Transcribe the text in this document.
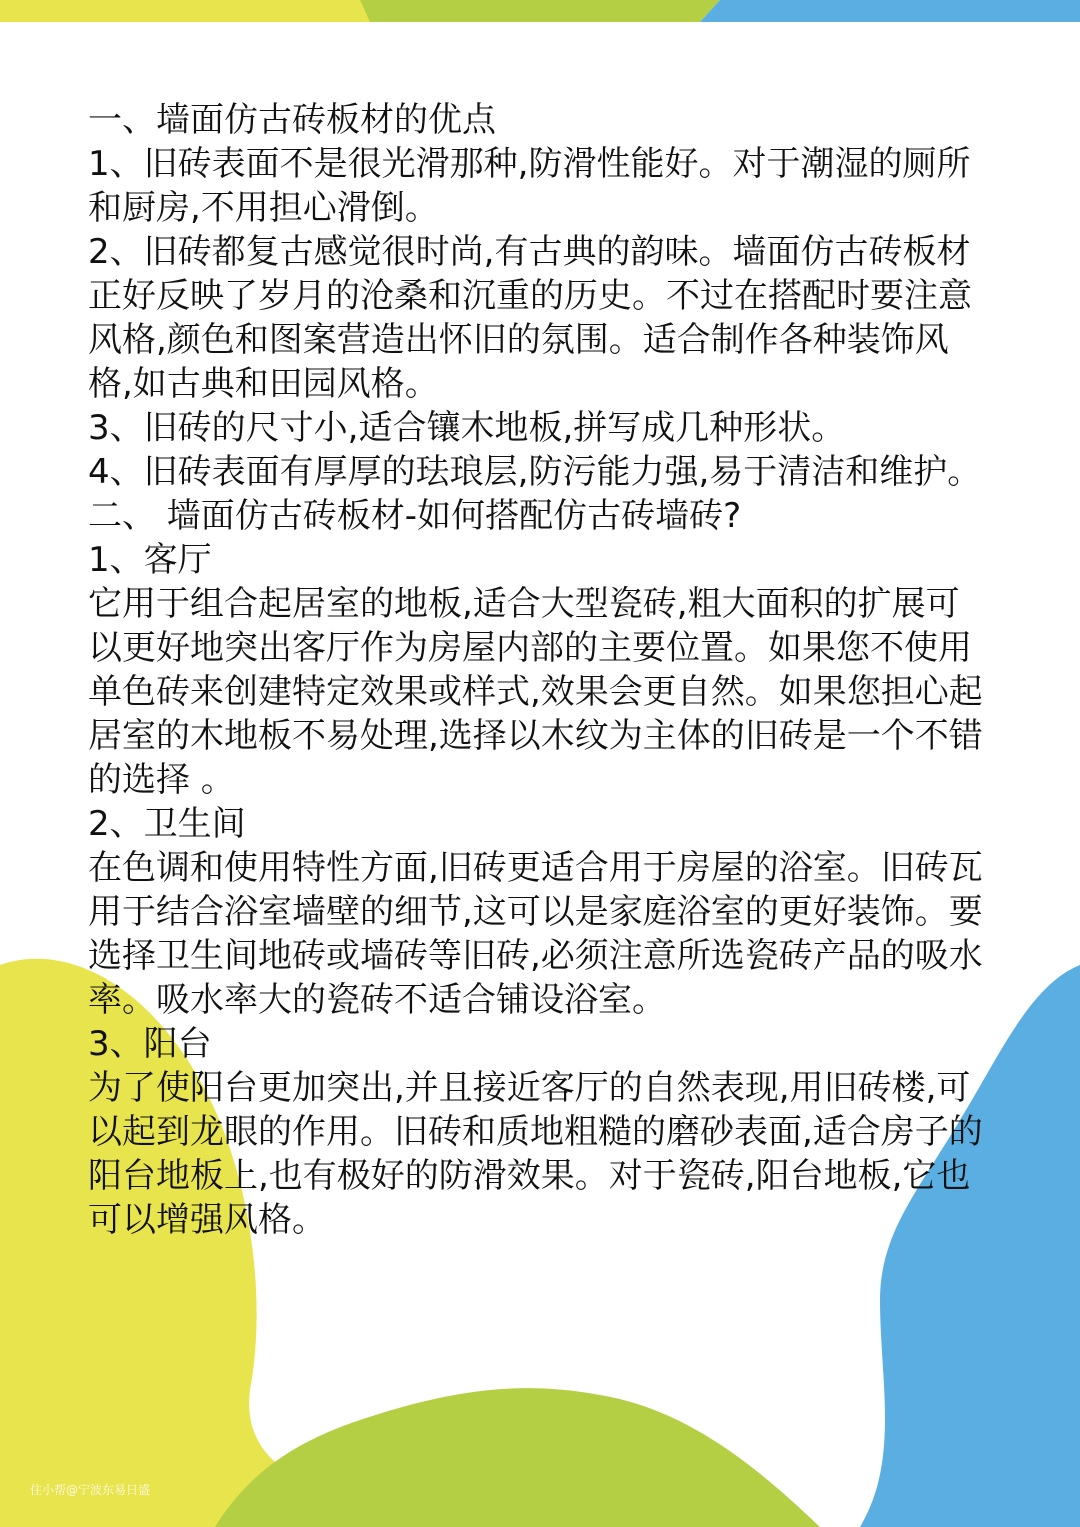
一、墙面仿古砖板材的优点

1、旧砖表面不是很光滑那种,防滑性能好。对于潮湿的厕所和厨房,不用担心滑倒。

2、旧砖都复古感觉很时尚,有古典的韵味。墙面仿古砖板材正好反映了岁月的沧桑和沉重的历史。不过在搭配时要注意风格,颜色和图案营造出怀旧的氛围。适合制作各种装饰风格,如古典和田园风格。

3、旧砖的尺寸小,适合镶木地板,拼写成几种形状。

4、旧砖表面有厚厚的珐琅层,防污能力强,易于清洁和维护。

二、 墙面仿古砖板材-如何搭配仿古砖墙砖?

1、客厅

它用于组合起居室的地板,适合大型瓷砖,粗大面积的扩展可以更好地突出客厅作为房屋内部的主要位置。如果您不使用单色砖来创建特定效果或样式,效果会更自然。如果您担心起居室的木地板不易处理,选择以木纹为主体的旧砖是一个不错的选择 。

2、卫生间

在色调和使用特性方面,旧砖更适合用于房屋的浴室。旧砖瓦用于结合浴室墙壁的细节,这可以是家庭浴室的更好装饰。要选择卫生间地砖或墙砖等旧砖,必须注意所选瓷砖产品的吸水率。吸水率大的瓷砖不适合铺设浴室。

3、阳台

为了使阳台更加突出,并且接近客厅的自然表现,用旧砖楼,可以起到龙眼的作用。旧砖和质地粗糙的磨砂表面,适合房子的阳台地板上,也有极好的防滑效果。对于瓷砖,阳台地板,它也可以增强风格。

住小帮@宁波东易日盛
